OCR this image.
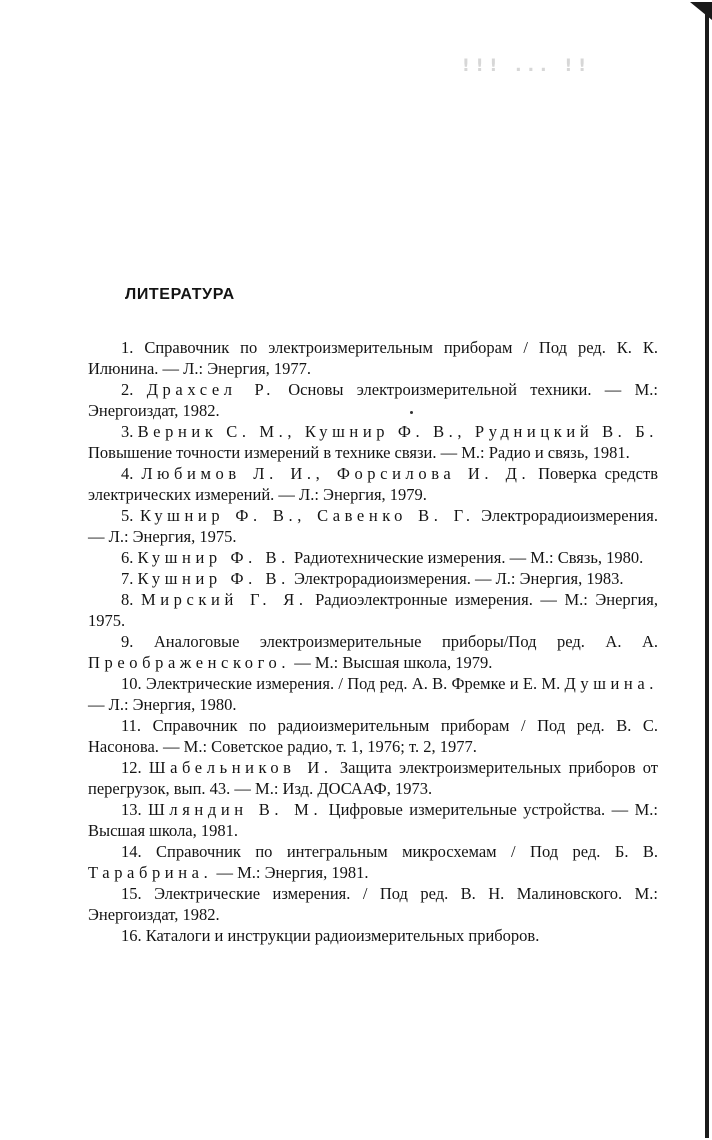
!!! ... !!
ЛИТЕРАТУРА
1. Справочник по электроизмерительным приборам / Под ред. К. К. Илюнина. — Л.: Энергия, 1977.
2. Драхсел Р. Основы электроизмерительной техники. — М.: Энергоиздат, 1982.
3. Верник С. М., Кушнир Ф. В., Рудницкий В. Б. Повышение точности измерений в технике связи. — М.: Радио и связь, 1981.
4. Любимов Л. И., Форсилова И. Д. Поверка средств электрических измерений. — Л.: Энергия, 1979.
5. Кушнир Ф. В., Савенко В. Г. Электрорадиоизмерения. — Л.: Энергия, 1975.
6. Кушнир Ф. В. Радиотехнические измерения. — М.: Связь, 1980.
7. Кушнир Ф. В. Электрорадиоизмерения. — Л.: Энергия, 1983.
8. Мирский Г. Я. Радиоэлектронные измерения. — М.: Энергия, 1975.
9. Аналоговые электроизмерительные приборы/Под ред. А. А. Преображенского. — М.: Высшая школа, 1979.
10. Электрические измерения. / Под ред. А. В. Фремке и Е. М. Душина. — Л.: Энергия, 1980.
11. Справочник по радиоизмерительным приборам / Под ред. В. С. Насонова. — М.: Советское радио, т. 1, 1976; т. 2, 1977.
12. Шабельников И. Защита электроизмерительных приборов от перегрузок, вып. 43. — М.: Изд. ДОСААФ, 1973.
13. Шляндин В. М. Цифровые измерительные устройства. — М.: Высшая школа, 1981.
14. Справочник по интегральным микросхемам / Под ред. Б. В. Тарабрина. — М.: Энергия, 1981.
15. Электрические измерения. / Под ред. В. Н. Малиновского. М.: Энергоиздат, 1982.
16. Каталоги и инструкции радиоизмерительных приборов.
